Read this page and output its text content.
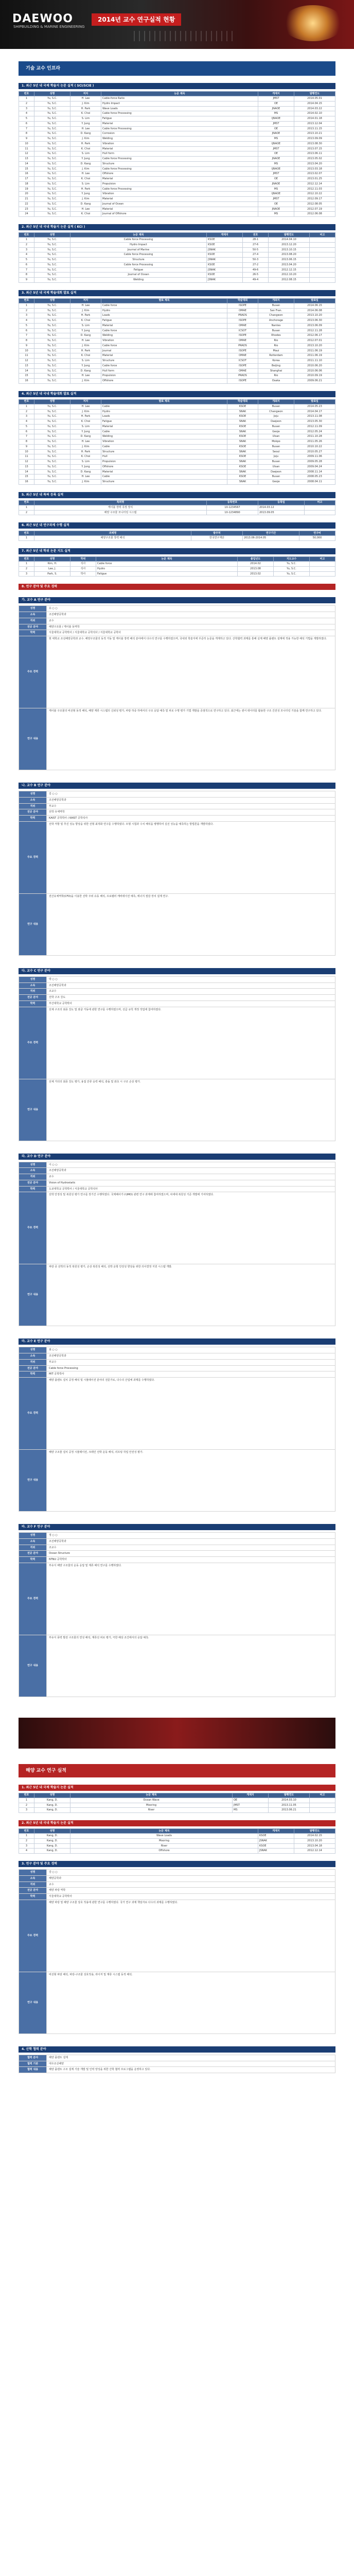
DAEWOO
SHIPBUILDING & MARINE ENGINEERING
2014년 교수 연구실적 현황
기술 교수 인프라
1. 최근 5년 내 국제 학술지 논문 실적 ( SCI/SCIE )
번호	성명	저자	논문 제목	게재지	발행연도
1	Yu, S.C.	H. Lee	Cable-force Ratio	JMST	2014.05.01
2	Yu, S.C.	J. Kim	Hydro Impact	OE	2014.04.15
3	Yu, S.C.	H. Park	Wave Loads	JNAOE	2014.03.22
4	Yu, S.C.	K. Choi	Cable force Processing	MS	2014.02.10
5	Yu, S.C.	S. Lim	Fatigue	IJNAOE	2014.01.18
6	Yu, S.C.	Y. Jung	Material	JMST	2013.12.04
7	Yu, S.C.	H. Lee	Cable force Processing	OE	2013.11.15
8	Yu, S.C.	D. Kang	Corrosion	JNAOE	2013.10.21
9	Yu, S.C.	J. Kim	Welding	MS	2013.09.09
10	Yu, S.C.	H. Park	Vibration	IJNAOE	2013.08.30
11	Yu, S.C.	K. Choi	Material	JMST	2013.07.15
12	Yu, S.C.	S. Lim	Hull form	OE	2013.06.11
13	Yu, S.C.	Y. Jung	Cable force Processing	JNAOE	2013.05.02
14	Yu, S.C.	D. Kang	Structure	MS	2013.04.20
15	Yu, S.C.	J. Kim	Cable force Processing	IJNAOE	2013.03.18
16	Yu, S.C.	H. Lee	Offshore	JMST	2013.02.07
17	Yu, S.C.	K. Choi	Material	OE	2013.01.25
18	Yu, S.C.	S. Lim	Propulsion	JNAOE	2012.12.14
19	Yu, S.C.	H. Park	Cable force Processing	MS	2012.11.03
20	Yu, S.C.	Y. Jung	Vibration	IJNAOE	2012.10.22
21	Yu, S.C.	J. Kim	Material	JMST	2012.09.17
22	Yu, S.C.	D. Kang	Journal of Ocean	OE	2012.08.05
23	Yu, S.C.	H. Lee	Material	JNAOE	2012.07.19
24	Yu, S.C.	K. Choi	Journal of Offshore	MS	2012.06.08
2. 최근 5년 내 국내 학술지 논문 실적 ( KCI )
번호	성명	논문 제목	게재지	권호	발행연도	비고
1	Yu, S.C.	Cable force Processing	KSOE	28-1	2014.04.10	
2	Yu, S.C.	Hydro Impact	KSOE	27-6	2013.12.20	
3	Yu, S.C.	Journal of Marine	JSNAK	50-5	2013.10.15	
4	Yu, S.C.	Cable force Processing	KSOE	27-4	2013.08.20	
5	Yu, S.C.	Structure	JSNAK	50-3	2013.06.15	
6	Yu, S.C.	Cable force Processing	KSOE	27-2	2013.04.20	
7	Yu, S.C.	Fatigue	JSNAK	49-6	2012.12.15	
8	Yu, S.C.	Journal of Ocean	KSOE	26-5	2012.10.20	
9	Yu, S.C.	Welding	JSNAK	49-4	2012.08.15	
3. 최근 5년 내 국제 학술대회 발표 실적
번호	성명	저자	발표 제목	학술대회	개최지	발표일
1	Yu, S.C.	H. Lee	Cable force	ISOPE	Busan	2014.06.15
2	Yu, S.C.	J. Kim	Hydro	OMAE	San Fran.	2014.06.08
3	Yu, S.C.	H. Park	Loads	PRADS	Changwon	2013.10.20
4	Yu, S.C.	K. Choi	Fatigue	ISOPE	Anchorage	2013.06.30
5	Yu, S.C.	S. Lim	Material	OMAE	Nantes	2013.06.09
6	Yu, S.C.	Y. Jung	Cable force	ICSOT	Busan	2012.11.28
7	Yu, S.C.	D. Kang	Welding	ISOPE	Rhodes	2012.06.17
8	Yu, S.C.	H. Lee	Vibration	OMAE	Rio	2012.07.01
9	Yu, S.C.	J. Kim	Cable force	PRADS	Rio	2013.10.20
10	Yu, S.C.	H. Park	Journal	ISOPE	Maui	2011.06.19
11	Yu, S.C.	K. Choi	Material	OMAE	Rotterdam	2011.06.19
12	Yu, S.C.	S. Lim	Structure	ICSOT	Korea	2011.11.10
13	Yu, S.C.	Y. Jung	Cable force	ISOPE	Beijing	2010.06.20
14	Yu, S.C.	D. Kang	Hull form	OMAE	Shanghai	2010.06.06
15	Yu, S.C.	H. Lee	Propulsion	PRADS	Rio	2010.09.19
16	Yu, S.C.	J. Kim	Offshore	ISOPE	Osaka	2009.06.21
4. 최근 5년 내 국내 학술대회 발표 실적
번호	성명	저자	발표 제목	학술대회	개최지	발표일
1	Yu, S.C.	H. Lee	Cable	KSOE	Busan	2014.05.23
2	Yu, S.C.	J. Kim	Hydro	SNAK	Changwon	2014.04.17
3	Yu, S.C.	H. Park	Loads	KSOE	Jeju	2013.11.08
4	Yu, S.C.	K. Choi	Fatigue	SNAK	Daejeon	2013.05.30
5	Yu, S.C.	S. Lim	Material	KSOE	Busan	2012.11.09
6	Yu, S.C.	Y. Jung	Cable	SNAK	Geoje	2012.05.24
7	Yu, S.C.	D. Kang	Welding	KSOE	Ulsan	2011.10.28
8	Yu, S.C.	H. Lee	Vibration	SNAK	Mokpo	2011.05.26
9	Yu, S.C.	J. Kim	Cable	KSOE	Busan	2010.10.22
10	Yu, S.C.	H. Park	Structure	SNAK	Seoul	2010.05.27
11	Yu, S.C.	K. Choi	Hull	KSOE	Jeju	2009.11.06
12	Yu, S.C.	S. Lim	Propulsion	SNAK	Busan	2009.05.28
13	Yu, S.C.	Y. Jung	Offshore	KSOE	Ulsan	2009.04.24
14	Yu, S.C.	D. Kang	Material	SNAK	Daejeon	2008.11.14
15	Yu, S.C.	H. Lee	Cable	KSOE	Busan	2008.05.23
16	Yu, S.C.	J. Kim	Structure	SNAK	Geoje	2008.04.11
5. 최근 5년 내 특허 등록 실적
번호	특허명	등록번호	등록일	비고
1	케이블 장력 측정 장치	10-1234567	2014.03.12	
2	해양 구조물 모니터링 시스템	10-1234890	2013.09.05	
6. 최근 5년 내 연구과제 수행 실적
번호	과제명	발주처	연구기간	연구비
1	해양구조물 장력 해석	한국연구재단	2013.06-2014.05	50,000
7. 최근 5년 내 학위 논문 지도 실적
번호	성명	학위	논문 제목	졸업년도	지도교수	비고
1	Kim, H.	석사	Cable force	2014.02	Yu, S.C.	
2	Lee, J.	석사	Hydro	2013.08	Yu, S.C.	
3	Park, S.	박사	Fatigue	2013.02	Yu, S.C.	
8. 연구 분야 및 주요 경력
가. 교수 A 연구 분야
성명	유 ○ ○
소속	조선해양공학과
직위	교수
전공 분야	해양구조물 / 케이블 동역학
학력	서울대학교 공학박사 / 서울대학교 공학석사 / 서울대학교 공학사
주요 경력	현 대학교 조선해양공학과 교수. 해양구조물의 동적 거동 및 케이블 장력 해석 분야에서 다수의 연구를 수행하였으며, 국내외 학술지에 꾸준히 논문을 게재하고 있다. 산학협력 과제를 통해 실제 해양 플랜트 설계에 적용 가능한 해석 기법을 개발하였다.
연구 내용	케이블 구조물의 비선형 동적 해석, 해양 계류 시스템의 신뢰성 평가, 파랑 하중 하에서의 구조 응답 예측 및 피로 수명 평가 기법 개발을 중점적으로 연구하고 있다. 최근에는 센서 데이터를 활용한 구조 건전성 모니터링 기술을 함께 연구하고 있다.
나. 교수 B 연구 분야
성명	김 ○ ○
소속	조선해양공학과
직위	부교수
전공 분야	선박 유체역학
학력	KAIST 공학박사 / KAIST 공학석사
주요 경력	선박 저항 및 추진 성능 향상을 위한 선형 최적화 연구를 수행하였다. 모형 시험과 수치 해석을 병행하여 실선 성능을 예측하는 방법론을 개발하였다.
연구 내용	전산유체역학(CFD)을 이용한 선박 주위 유동 해석, 프로펠러 캐비테이션 예측, 에너지 절감 장치 설계 연구.
다. 교수 C 연구 분야
성명	박 ○ ○
소속	조선해양공학과
직위	조교수
전공 분야	선박 구조 강도
학력	부산대학교 공학박사
주요 경력	선체 구조의 최종 강도 및 좌굴 거동에 관한 연구를 수행하였으며, 선급 규칙 개정 작업에 참여하였다.
연구 내용	선체 거더의 최종 강도 평가, 용접 잔류 응력 해석, 충돌 및 좌초 시 구조 손상 평가.
라. 교수 D 연구 분야
성명	이 ○ ○
소속	조선해양공학과
직위	교수
전공 분야	Vision of Hydrostatic
학력	도쿄대학교 공학박사 / 서울대학교 공학석사
주요 경력	선박 안정성 및 복원성 평가 연구를 장기간 수행하였다. 국제해사기구(IMO) 관련 연구 과제에 참여하였으며, 차세대 복원성 기준 개발에 기여하였다.
연구 내용	파랑 중 선박의 동적 복원성 평가, 손상 복원성 해석, 선박 운항 안전성 향상을 위한 의사결정 지원 시스템 개발.
마. 교수 E 연구 분야
성명	최 ○ ○
소속	조선해양공학과
직위	부교수
전공 분야	Cable force Processing
학력	MIT 공학박사
주요 경력	해양 플랜트 설치 공정 해석 및 시뮬레이션 분야의 전문가로, 다수의 산업체 과제를 수행하였다.
연구 내용	해양 구조물 설치 공정 시뮬레이션, 크레인 선박 운동 해석, 리프팅 작업 안전성 평가.
바. 교수 F 연구 분야
성명	정 ○ ○
소속	조선해양공학과
직위	조교수
전공 분야	Ocean Structure
학력	NTNU 공학박사
주요 경력	부유식 해양 구조물의 운동 응답 및 계류 해석 연구를 수행하였다.
연구 내용	부유식 풍력 발전 구조물의 연성 해석, 계류선 피로 평가, 극한 해상 조건에서의 응답 예측.
해양 교수 연구 실적
1. 최근 5년 내 국제 학술지 논문 실적
번호	성명	논문 제목	게재지	발행연도	비고
1	Kang, D.	Ocean Wave	OE	2014.03.10	
2	Kang, D.	Mooring	JMST	2013.11.05	
3	Kang, D.	Riser	MS	2013.06.21	
2. 최근 5년 내 국내 학술지 논문 실적
번호	성명	논문 제목	게재지	발행연도
1	Kang, D.	Wave Loads	KSOE	2014.02.15
2	Kang, D.	Mooring	JSNAK	2013.10.20
3	Kang, D.	Riser	KSOE	2013.04.18
4	Kang, D.	Offshore	JSNAK	2012.12.14
3. 연구 분야 및 주요 경력
성명	강 ○ ○
소속	해양공학과
직위	교수
전공 분야	해양 파랑 역학
학력	서울대학교 공학박사
주요 경력	해양 파랑 및 해양 구조물 상호 작용에 관한 연구를 수행하였다. 국가 연구 과제 책임자로 다수의 과제를 수행하였다.
연구 내용	비선형 파랑 해석, 파랑-구조물 상호작용, 라이저 및 계류 시스템 동적 해석.
4. 산학 협력 분야
협력 분야	해양 플랜트 설계
협력 기관	대우조선해양
협력 내용	해양 플랜트 구조 설계 기술 개발 및 인력 양성을 위한 산학 협력 프로그램을 운영하고 있다.
